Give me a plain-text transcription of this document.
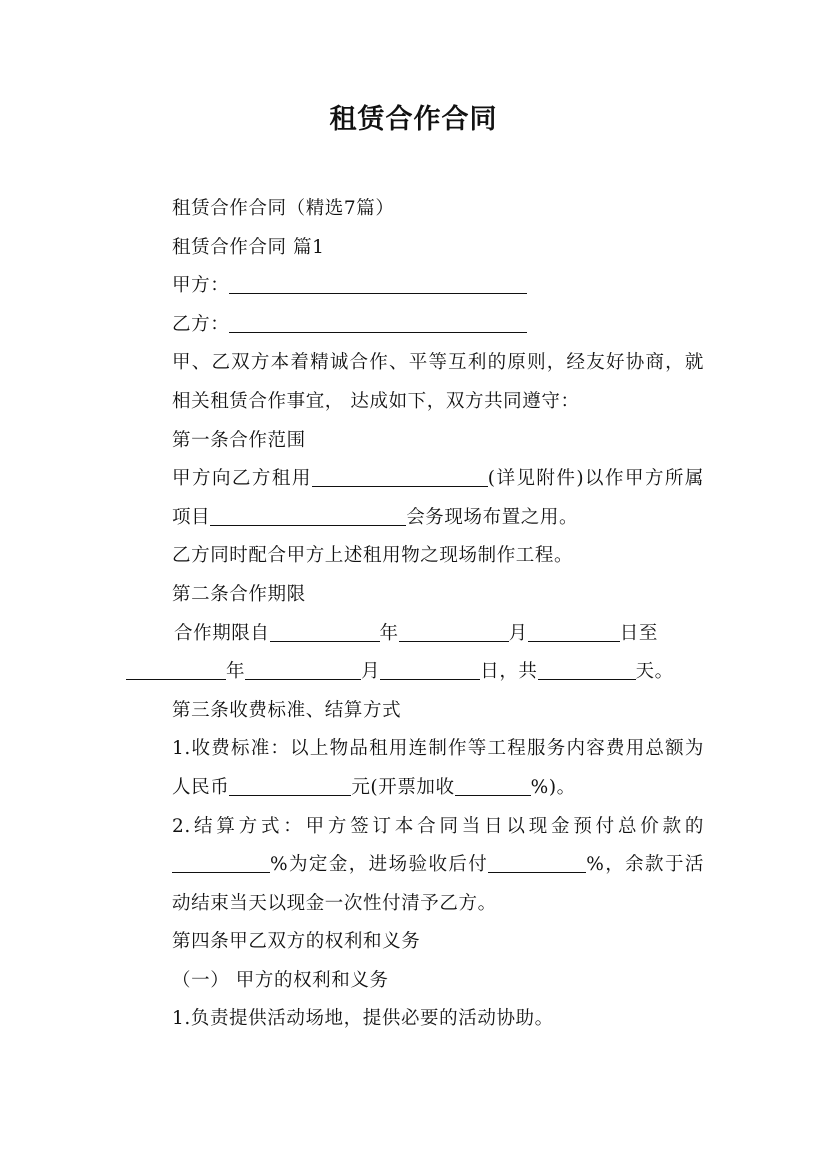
租赁合作合同

租赁合作合同（精选7篇）

租赁合作合同 篇1

甲方：

乙方：

甲、乙双方本着精诚合作、平等互利的原则，经友好协商，就相关租赁合作事宜， 达成如下，双方共同遵守：

第一条合作范围

甲方向乙方租用	(详见附件)以作甲方所属项目	会务现场布置之用。

乙方同时配合甲方上述租用物之现场制作工程。

第二条合作期限

合作期限自	年	月	日至

年	月	日，共	天。

第三条收费标准、结算方式

1.收费标准：以上物品租用连制作等工程服务内容费用总额为人民币	元(开票加收	%)。

2.结算方式：甲方签订本合同当日以现金预付总价款的%为定金，进场验收后付	%，余款于活动结束当天以现金一次性付清予乙方。

第四条甲乙双方的权利和义务

（一） 甲方的权利和义务

1.负责提供活动场地，提供必要的活动协助。
